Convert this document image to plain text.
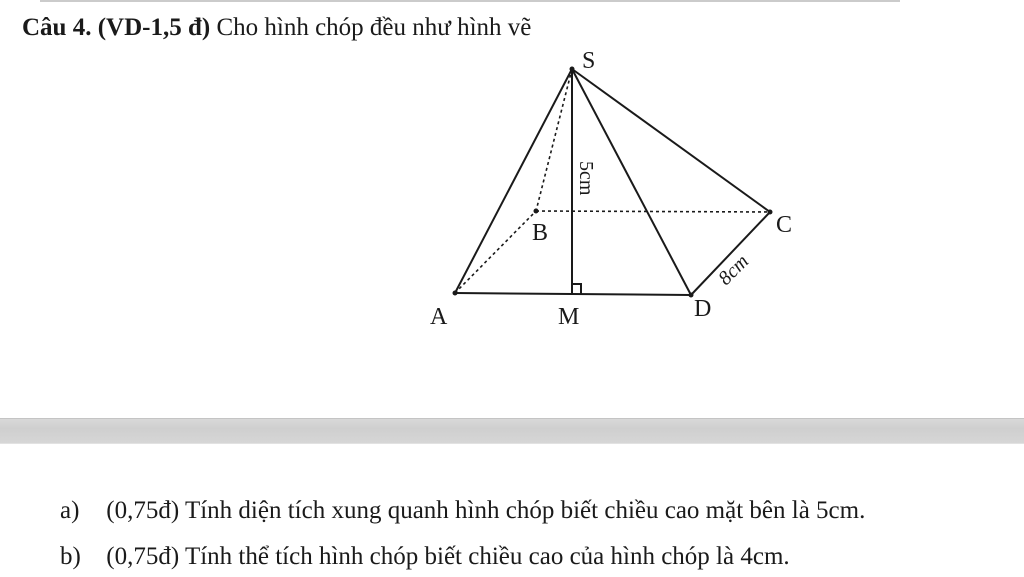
Câu 4. (VD-1,5 đ) Cho hình chóp đều như hình vẽ
S
A
B	C
D
M
5cm
8cm
a) (0,75đ) Tính diện tích xung quanh hình chóp biết chiều cao mặt bên là 5cm.
b) (0,75đ) Tính thể tích hình chóp biết chiều cao của hình chóp là 4cm.
